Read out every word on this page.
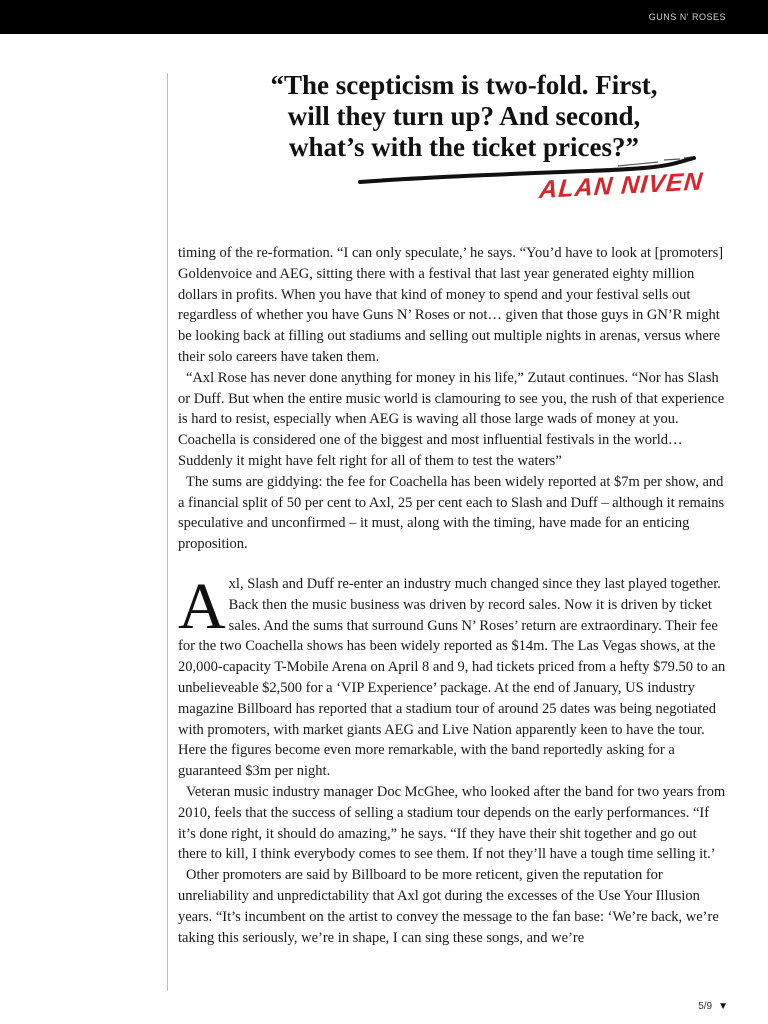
GUNS N' ROSES
“The scepticism is two-fold. First,
will they turn up? And second,
what’s with the ticket prices?”
ALAN NIVEN

timing of the re-formation. “I can only speculate,’ he says. “You’d have to look at [promoters] Goldenvoice and AEG, sitting there with a festival that last year generated eighty million dollars in profits. When you have that kind of money to spend and your festival sells out regardless of whether you have Guns N’ Roses or not… given that those guys in GN’R might be looking back at filling out stadiums and selling out multiple nights in arenas, versus where their solo careers have taken them.

“Axl Rose has never done anything for money in his life,” Zutaut continues. “Nor has Slash or Duff. But when the entire music world is clamouring to see you, the rush of that experience is hard to resist, especially when AEG is waving all those large wads of money at you. Coachella is considered one of the biggest and most influential festivals in the world… Suddenly it might have felt right for all of them to test the waters”

The sums are giddying: the fee for Coachella has been widely reported at $7m per show, and a financial split of 50 per cent to Axl, 25 per cent each to Slash and Duff – although it remains speculative and unconfirmed – it must, along with the timing, have made for an enticing proposition.

Axl, Slash and Duff re-enter an industry much changed since they last played together. Back then the music business was driven by record sales. Now it is driven by ticket sales. And the sums that surround Guns N’ Roses’ return are extraordinary. Their fee for the two Coachella shows has been widely reported as $14m. The Las Vegas shows, at the 20,000-capacity T-Mobile Arena on April 8 and 9, had tickets priced from a hefty $79.50 to an unbelieveable $2,500 for a ‘VIP Experience’ package. At the end of January, US industry magazine Billboard has reported that a stadium tour of around 25 dates was being negotiated with promoters, with market giants AEG and Live Nation apparently keen to have the tour. Here the figures become even more remarkable, with the band reportedly asking for a guaranteed $3m per night.

Veteran music industry manager Doc McGhee, who looked after the band for two years from 2010, feels that the success of selling a stadium tour depends on the early performances. “If it’s done right, it should do amazing,” he says. “If they have their shit together and go out there to kill, I think everybody comes to see them. If not they’ll have a tough time selling it.’

Other promoters are said by Billboard to be more reticent, given the reputation for unreliability and unpredictability that Axl got during the excesses of the Use Your Illusion years. “It’s incumbent on the artist to convey the message to the fan base: ‘We’re back, we’re taking this seriously, we’re in shape, I can sing these songs, and we’re

5/9 ▼
